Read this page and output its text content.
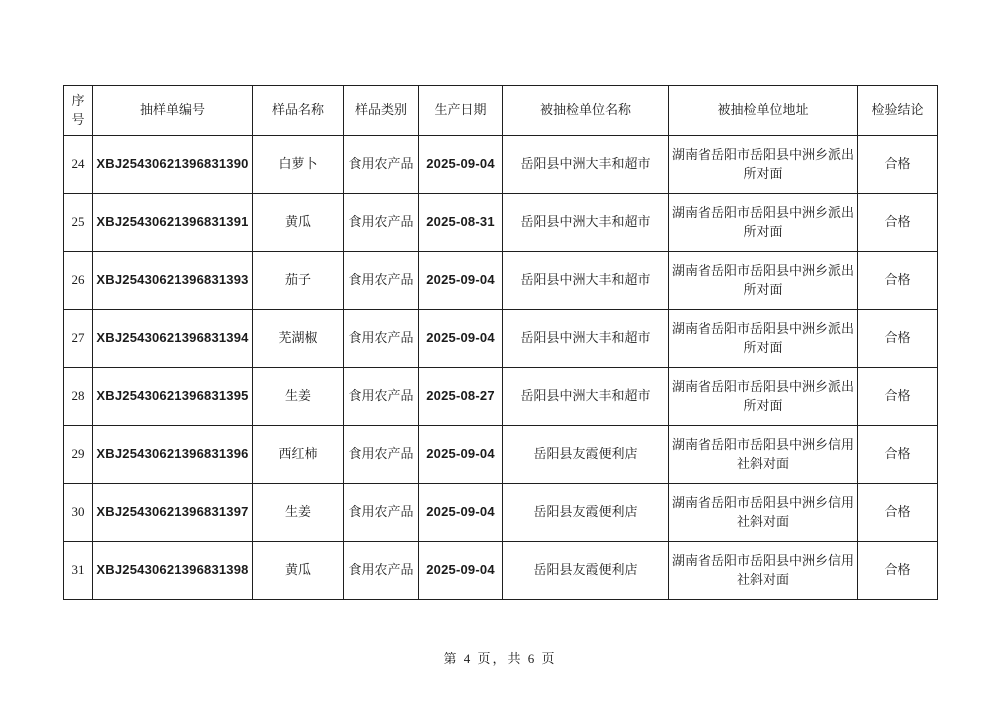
序号	抽样单编号	样品名称	样品类别	生产日期	被抽检单位名称	被抽检单位地址	检验结论
24	XBJ25430621396831390	白萝卜	食用农产品	2025-09-04	岳阳县中洲大丰和超市	湖南省岳阳市岳阳县中洲乡派出所对面	合格
25	XBJ25430621396831391	黄瓜	食用农产品	2025-08-31	岳阳县中洲大丰和超市	湖南省岳阳市岳阳县中洲乡派出所对面	合格
26	XBJ25430621396831393	茄子	食用农产品	2025-09-04	岳阳县中洲大丰和超市	湖南省岳阳市岳阳县中洲乡派出所对面	合格
27	XBJ25430621396831394	芜湖椒	食用农产品	2025-09-04	岳阳县中洲大丰和超市	湖南省岳阳市岳阳县中洲乡派出所对面	合格
28	XBJ25430621396831395	生姜	食用农产品	2025-08-27	岳阳县中洲大丰和超市	湖南省岳阳市岳阳县中洲乡派出所对面	合格
29	XBJ25430621396831396	西红柿	食用农产品	2025-09-04	岳阳县友霞便利店	湖南省岳阳市岳阳县中洲乡信用社斜对面	合格
30	XBJ25430621396831397	生姜	食用农产品	2025-09-04	岳阳县友霞便利店	湖南省岳阳市岳阳县中洲乡信用社斜对面	合格
31	XBJ25430621396831398	黄瓜	食用农产品	2025-09-04	岳阳县友霞便利店	湖南省岳阳市岳阳县中洲乡信用社斜对面	合格
第 4 页，共 6 页
